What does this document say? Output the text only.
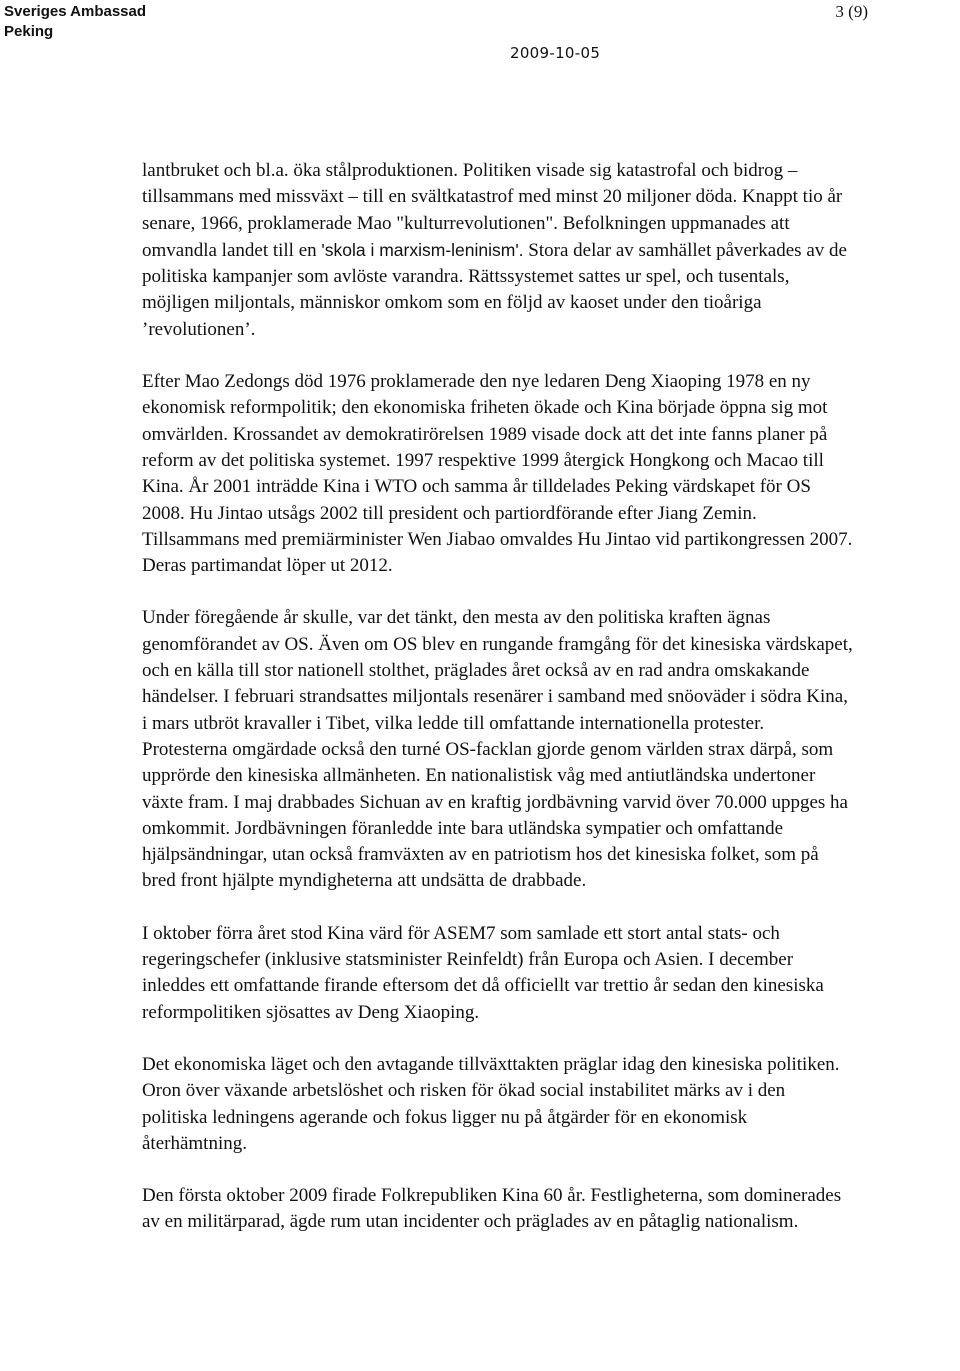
Sveriges Ambassad
Peking
3 (9)
2009-10-05

lantbruket och bl.a. öka stålproduktionen. Politiken visade sig katastrofal och bidrog – tillsammans med missväxt – till en svältkatastrof med minst 20 miljoner döda. Knappt tio år senare, 1966, proklamerade Mao "kulturrevolutionen". Befolkningen uppmanades att omvandla landet till en 'skola i marxism-leninism'. Stora delar av samhället påverkades av de politiska kampanjer som avlöste varandra. Rättssystemet sattes ur spel, och tusentals, möjligen miljontals, människor omkom som en följd av kaoset under den tioåriga ’revolutionen’.

Efter Mao Zedongs död 1976 proklamerade den nye ledaren Deng Xiaoping 1978 en ny ekonomisk reformpolitik; den ekonomiska friheten ökade och Kina började öppna sig mot omvärlden. Krossandet av demokratirörelsen 1989 visade dock att det inte fanns planer på reform av det politiska systemet. 1997 respektive 1999 återgick Hongkong och Macao till Kina. År 2001 inträdde Kina i WTO och samma år tilldelades Peking värdskapet för OS 2008. Hu Jintao utsågs 2002 till president och partiordförande efter Jiang Zemin. Tillsammans med premiärminister Wen Jiabao omvaldes Hu Jintao vid partikongressen 2007. Deras partimandat löper ut 2012.

Under föregående år skulle, var det tänkt, den mesta av den politiska kraften ägnas genomförandet av OS. Även om OS blev en rungande framgång för det kinesiska värdskapet, och en källa till stor nationell stolthet, präglades året också av en rad andra omskakande händelser. I februari strandsattes miljontals resenärer i samband med snöoväder i södra Kina, i mars utbröt kravaller i Tibet, vilka ledde till omfattande internationella protester. Protesterna omgärdade också den turné OS-facklan gjorde genom världen strax därpå, som upprörde den kinesiska allmänheten. En nationalistisk våg med antiutländska undertoner växte fram. I maj drabbades Sichuan av en kraftig jordbävning varvid över 70.000 uppges ha omkommit. Jordbävningen föranledde inte bara utländska sympatier och omfattande hjälpsändningar, utan också framväxten av en patriotism hos det kinesiska folket, som på bred front hjälpte myndigheterna att undsätta de drabbade.

I oktober förra året stod Kina värd för ASEM7 som samlade ett stort antal stats- och regeringschefer (inklusive statsminister Reinfeldt) från Europa och Asien. I december inleddes ett omfattande firande eftersom det då officiellt var trettio år sedan den kinesiska reformpolitiken sjösattes av Deng Xiaoping.

Det ekonomiska läget och den avtagande tillväxttakten präglar idag den kinesiska politiken. Oron över växande arbetslöshet och risken för ökad social instabilitet märks av i den politiska ledningens agerande och fokus ligger nu på åtgärder för en ekonomisk återhämtning.

Den första oktober 2009 firade Folkrepubliken Kina 60 år. Festligheterna, som dominerades av en militärparad, ägde rum utan incidenter och präglades av en påtaglig nationalism.
